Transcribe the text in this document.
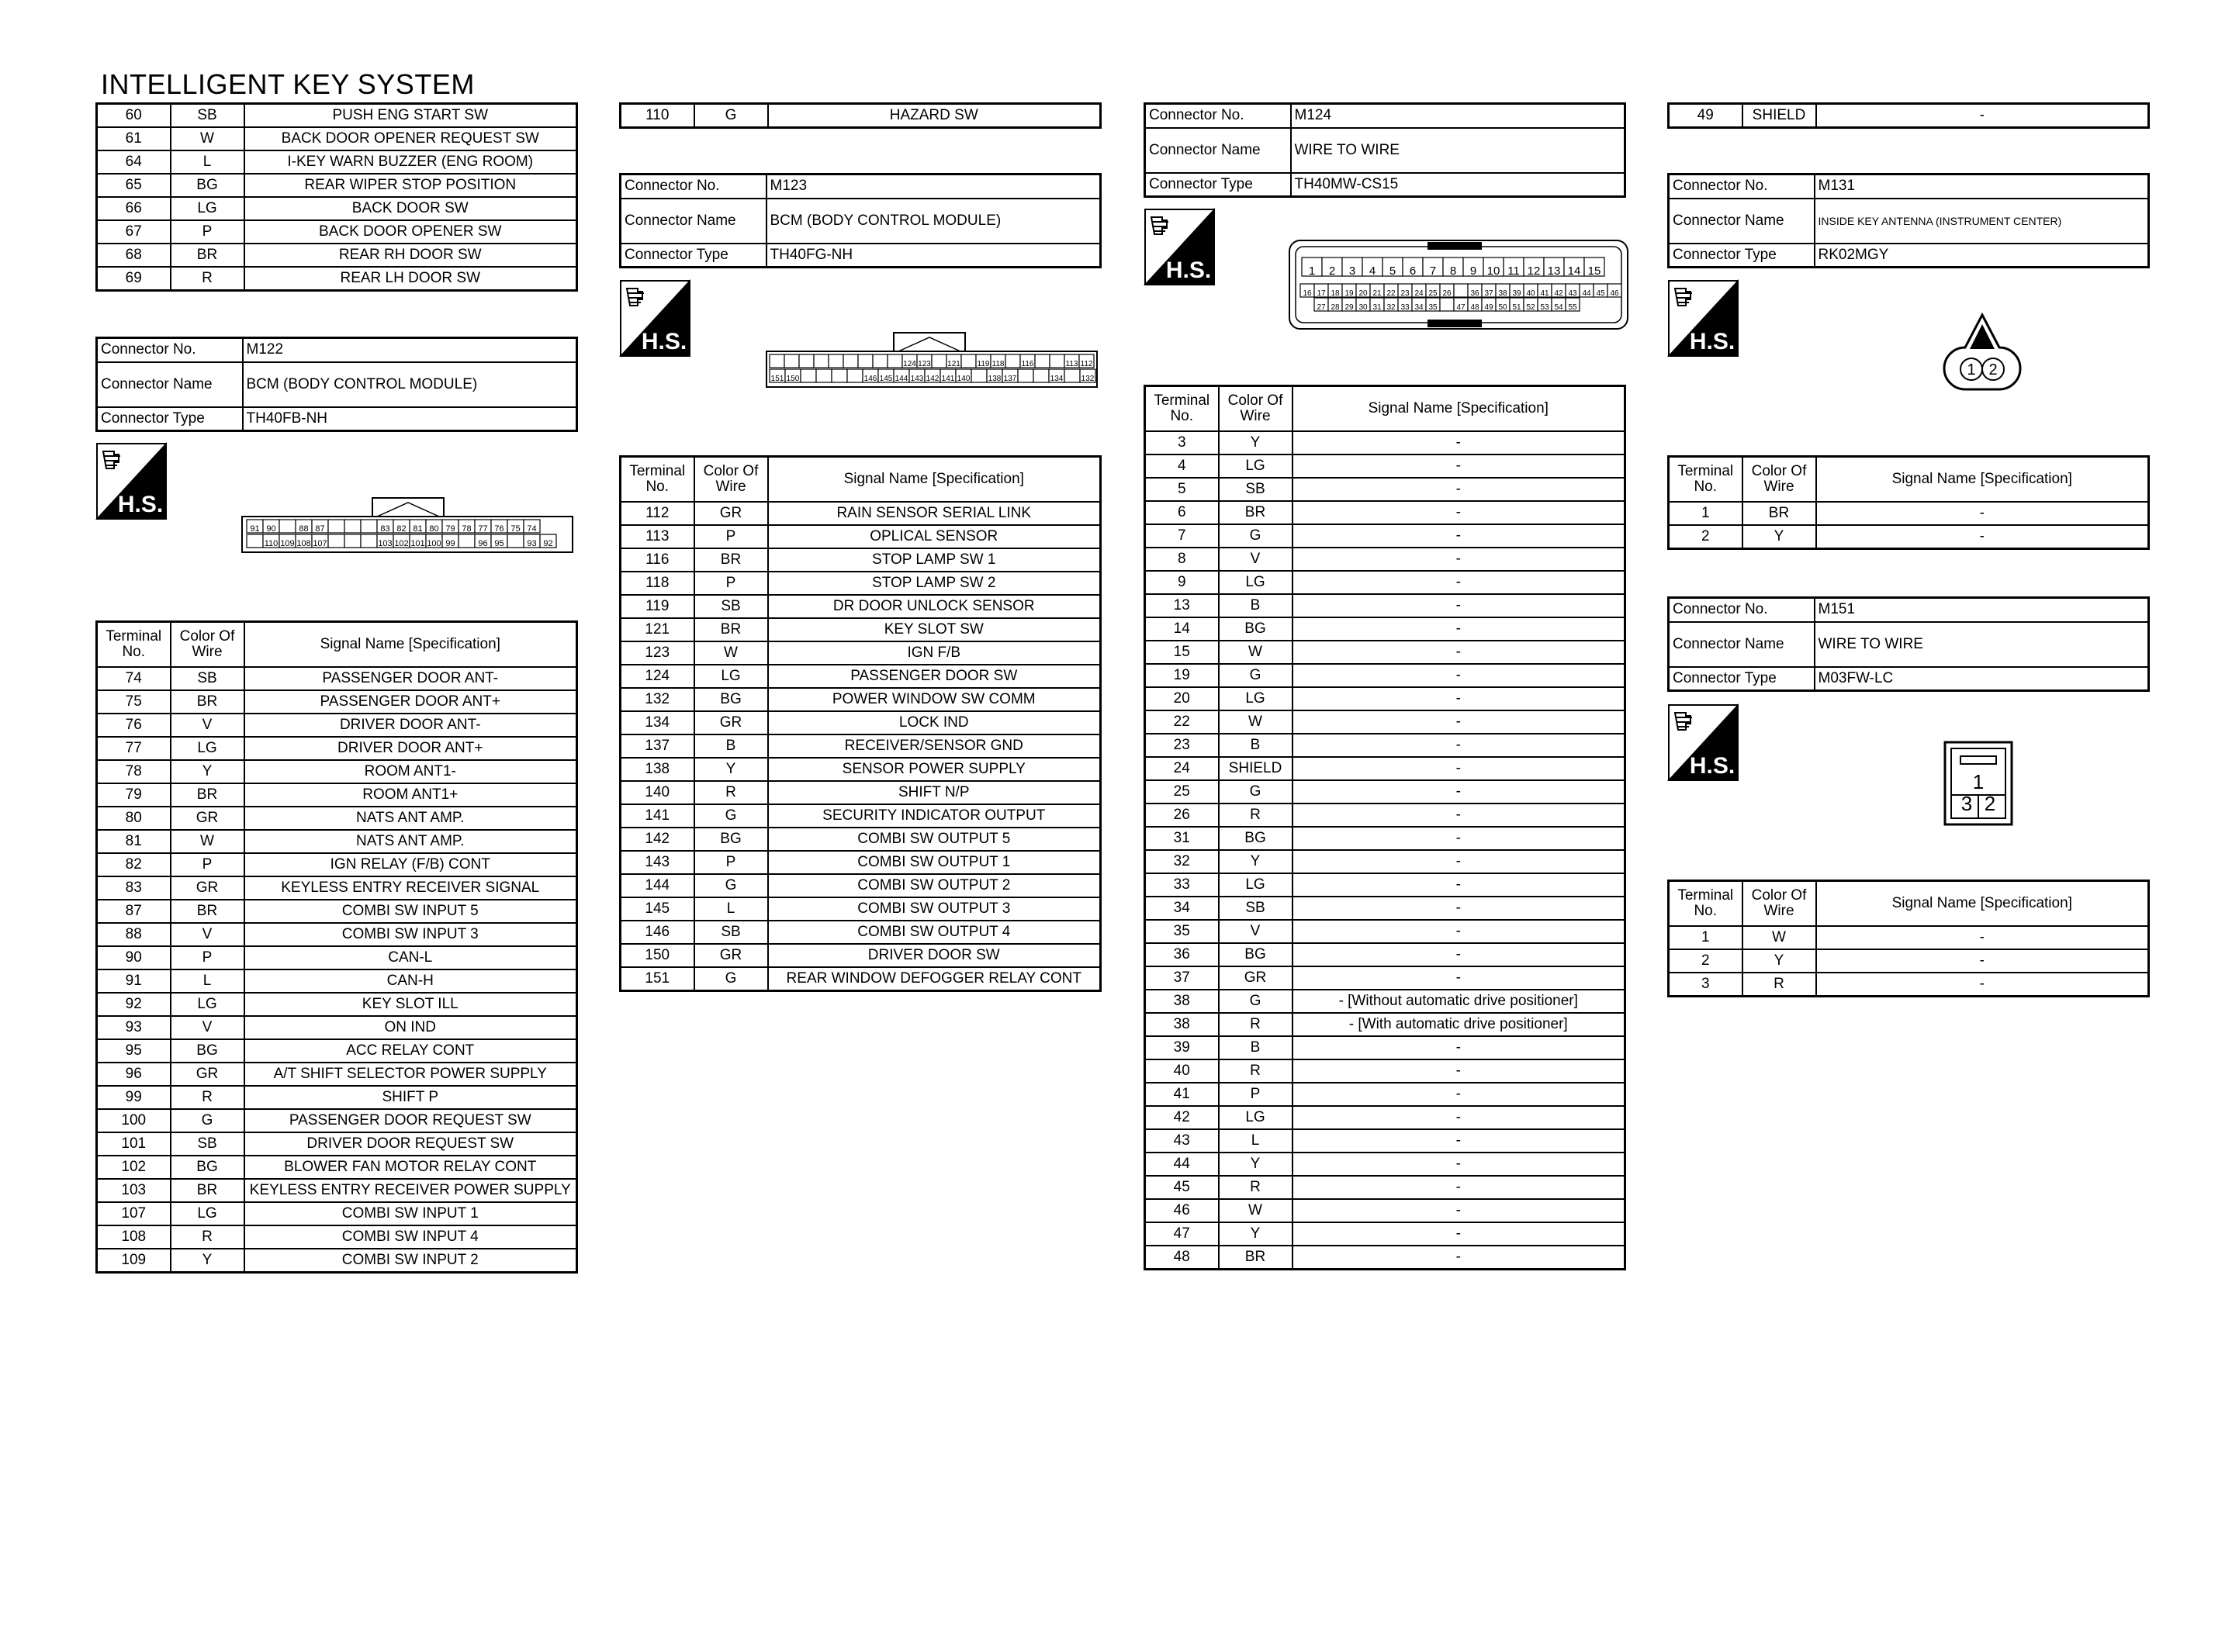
INTELLIGENT KEY SYSTEM
60	SB	PUSH ENG START SW
61	W	BACK DOOR OPENER REQUEST SW
64	L	I-KEY WARN BUZZER (ENG ROOM)
65	BG	REAR WIPER STOP POSITION
66	LG	BACK DOOR SW
67	P	BACK DOOR OPENER SW
68	BR	REAR RH DOOR SW
69	R	REAR LH DOOR SW
Connector No.	M122
Connector Name	BCM (BODY CONTROL MODULE)
Connector Type	TH40FB-NH
H.S.
91 90	88 87	83 82 81 80 79 78 77 76 75 74
110 109 108 107	103 102 101 100 99	96 95	93 92
Terminal No.	Color Of Wire	Signal Name [Specification]
74	SB	PASSENGER DOOR ANT-
75	BR	PASSENGER DOOR ANT+
76	V	DRIVER DOOR ANT-
77	LG	DRIVER DOOR ANT+
78	Y	ROOM ANT1-
79	BR	ROOM ANT1+
80	GR	NATS ANT AMP.
81	W	NATS ANT AMP.
82	P	IGN RELAY (F/B) CONT
83	GR	KEYLESS ENTRY RECEIVER SIGNAL
87	BR	COMBI SW INPUT 5
88	V	COMBI SW INPUT 3
90	P	CAN-L
91	L	CAN-H
92	LG	KEY SLOT ILL
93	V	ON IND
95	BG	ACC RELAY CONT
96	GR	A/T SHIFT SELECTOR POWER SUPPLY
99	R	SHIFT P
100	G	PASSENGER DOOR REQUEST SW
101	SB	DRIVER DOOR REQUEST SW
102	BG	BLOWER FAN MOTOR RELAY CONT
103	BR	KEYLESS ENTRY RECEIVER POWER SUPPLY
107	LG	COMBI SW INPUT 1
108	R	COMBI SW INPUT 4
109	Y	COMBI SW INPUT 2
110	G	HAZARD SW
Connector No.	M123
Connector Name	BCM (BODY CONTROL MODULE)
Connector Type	TH40FG-NH
H.S.
124 123 121 119 118 116	113 112
151 150	146 145 144 143 142 141 140 138 137	134 132
Terminal No.	Color Of Wire	Signal Name [Specification]
112	GR	RAIN SENSOR SERIAL LINK
113	P	OPLICAL SENSOR
116	BR	STOP LAMP SW 1
118	P	STOP LAMP SW 2
119	SB	DR DOOR UNLOCK SENSOR
121	BR	KEY SLOT SW
123	W	IGN F/B
124	LG	PASSENGER DOOR SW
132	BG	POWER WINDOW SW COMM
134	GR	LOCK IND
137	B	RECEIVER/SENSOR GND
138	Y	SENSOR POWER SUPPLY
140	R	SHIFT N/P
141	G	SECURITY INDICATOR OUTPUT
142	BG	COMBI SW OUTPUT 5
143	P	COMBI SW OUTPUT 1
144	G	COMBI SW OUTPUT 2
145	L	COMBI SW OUTPUT 3
146	SB	COMBI SW OUTPUT 4
150	GR	DRIVER DOOR SW
151	G	REAR WINDOW DEFOGGER RELAY CONT
Connector No.	M124
Connector Name	WIRE TO WIRE
Connector Type	TH40MW-CS15
H.S.	1 2 3 4 5 6 7 8 9 10 11 12 13 14 15
16 17 18 19 20 21 22 23 24 25 26 36 37 38 39 40 41 42 43 44 45 46
27 28 29 30 31 32 33 34 35 47 48 49 50 51 52 53 54 55
Terminal No.	Color Of Wire	Signal Name [Specification]
3	Y	-
4	LG	-
5	SB	-
6	BR	-
7	G	-
8	V	-
9	LG	-
13	B	-
14	BG	-
15	W	-
19	G	-
20	LG	-
22	W	-
23	B	-
24	SHIELD	-
25	G	-
26	R	-
31	BG	-
32	Y	-
33	LG	-
34	SB	-
35	V	-
36	BG	-
37	GR	-
38	G	- [Without automatic drive positioner]
38	R	- [With automatic drive positioner]
39	B	-
40	R	-
41	P	-
42	LG	-
43	L	-
44	Y	-
45	R	-
46	W	-
47	Y	-
48	BR	-
49	SHIELD	-
Connector No.	M131
Connector Name	INSIDE KEY ANTENNA (INSTRUMENT CENTER)
Connector Type	RK02MGY
H.S.
1 2
Terminal No.	Color Of Wire	Signal Name [Specification]
1	BR	-
2	Y	-
Connector No.	M151
Connector Name	WIRE TO WIRE
Connector Type	M03FW-LC
H.S.
1
3 2
Terminal No.	Color Of Wire	Signal Name [Specification]
1	W	-
2	Y	-
3	R	-
